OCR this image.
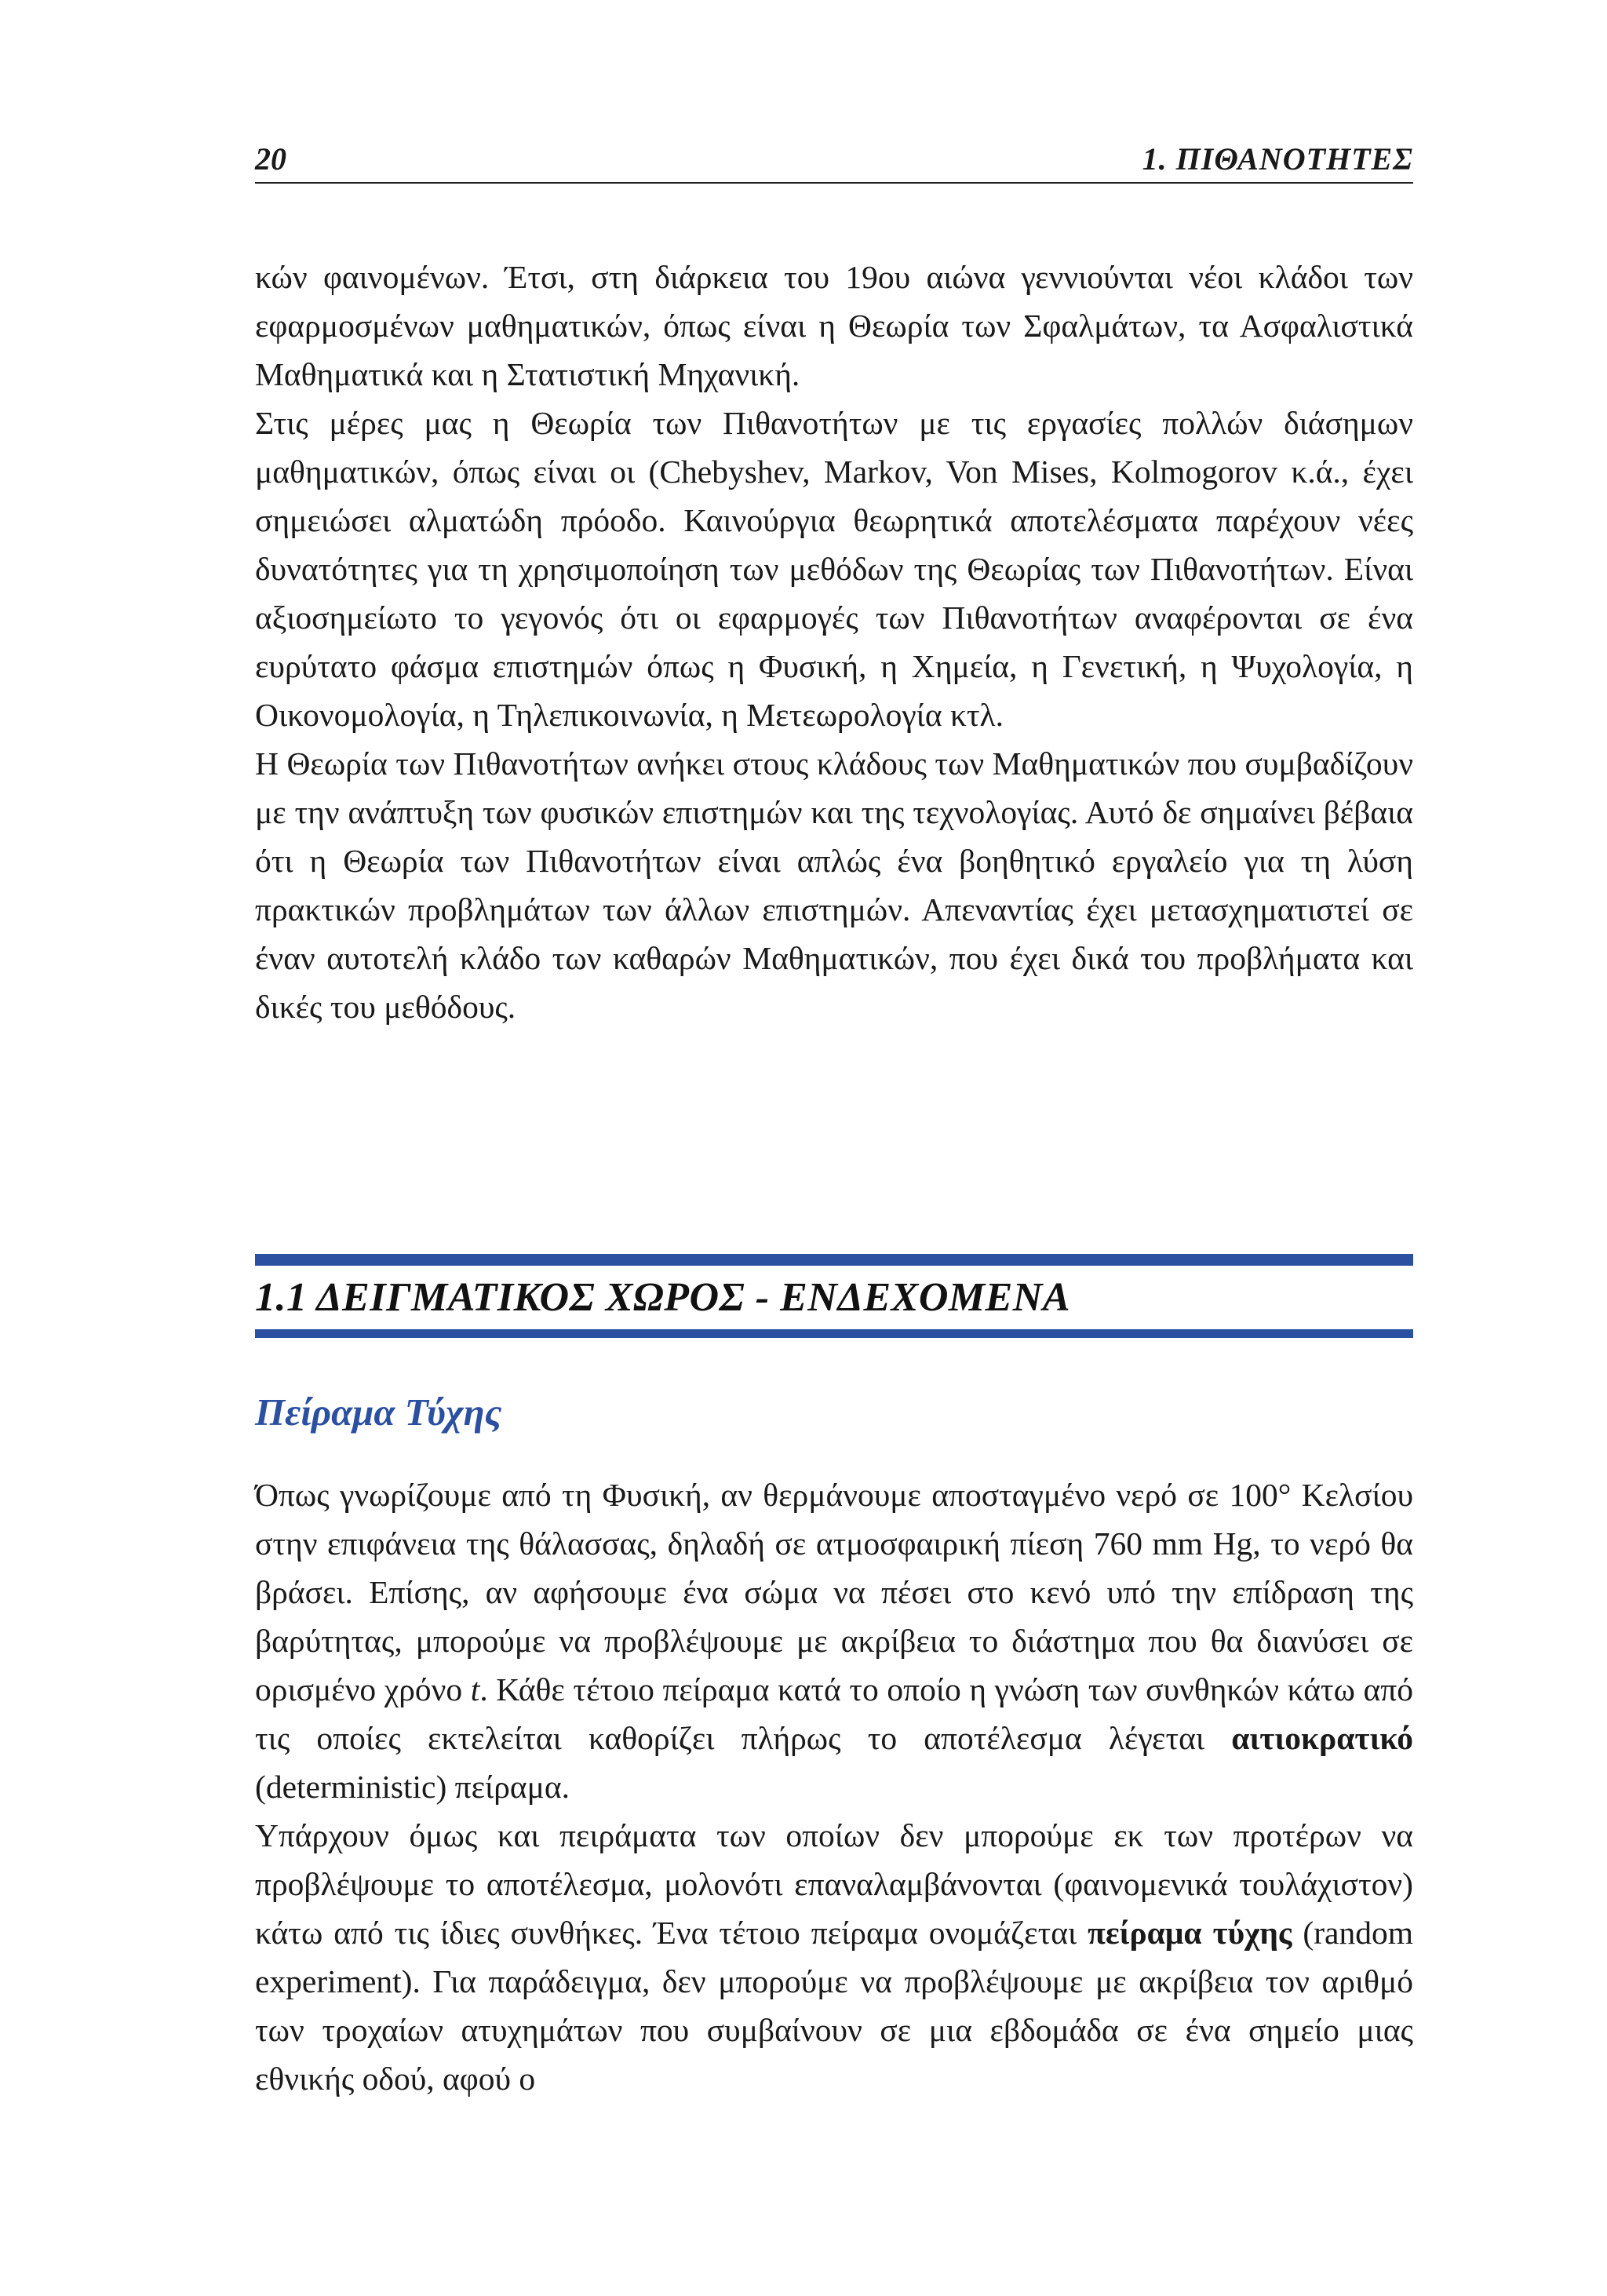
20	1. ΠΙΘΑΝΟΤΗΤΕΣ

κών φαινομένων. Έτσι, στη διάρκεια του 19ου αιώνα γεννιούνται νέοι κλάδοι των εφαρμοσμένων μαθηματικών, όπως είναι η Θεωρία των Σφαλμάτων, τα Ασφαλιστικά Μαθηματικά και η Στατιστική Μηχανική.

Στις μέρες μας η Θεωρία των Πιθανοτήτων με τις εργασίες πολλών διάσημων μαθηματικών, όπως είναι οι (Chebyshev, Markov, Von Mises, Kolmogorov κ.ά., έχει σημειώσει αλματώδη πρόοδο. Καινούργια θεωρητικά αποτελέσματα παρέχουν νέες δυνατότητες για τη χρησιμοποίηση των μεθόδων της Θεωρίας των Πιθανοτήτων. Είναι αξιοσημείωτο το γεγονός ότι οι εφαρμογές των Πιθανοτήτων αναφέρονται σε ένα ευρύτατο φάσμα επιστημών όπως η Φυσική, η Χημεία, η Γενετική, η Ψυχολογία, η Οικονομολογία, η Τηλεπικοινωνία, η Μετεωρολογία κτλ.

Η Θεωρία των Πιθανοτήτων ανήκει στους κλάδους των Μαθηματικών που συμβαδίζουν με την ανάπτυξη των φυσικών επιστημών και της τεχνολογίας. Αυτό δε σημαίνει βέβαια ότι η Θεωρία των Πιθανοτήτων είναι απλώς ένα βοηθητικό εργαλείο για τη λύση πρακτικών προβλημάτων των άλλων επιστημών. Απεναντίας έχει μετασχηματιστεί σε έναν αυτοτελή κλάδο των καθαρών Μαθηματικών, που έχει δικά του προβλήματα και δικές του μεθόδους.

1.1 ΔΕΙΓΜΑΤΙΚΟΣ ΧΩΡΟΣ - ΕΝΔΕΧΟΜΕΝΑ
Πείραμα Τύχης

Όπως γνωρίζουμε από τη Φυσική, αν θερμάνουμε αποσταγμένο νερό σε 100° Κελσίου στην επιφάνεια της θάλασσας, δηλαδή σε ατμοσφαιρική πίεση 760 mm Hg, το νερό θα βράσει. Επίσης, αν αφήσουμε ένα σώμα να πέσει στο κενό υπό την επίδραση της βαρύτητας, μπορούμε να προβλέψουμε με ακρίβεια το διάστημα που θα διανύσει σε ορισμένο χρόνο t. Κάθε τέτοιο πείραμα κατά το οποίο η γνώση των συνθηκών κάτω από τις οποίες εκτελείται καθορίζει πλήρως το αποτέλεσμα λέγεται αιτιοκρατικό (deterministic) πείραμα.

Υπάρχουν όμως και πειράματα των οποίων δεν μπορούμε εκ των προτέρων να προβλέψουμε το αποτέλεσμα, μολονότι επαναλαμβάνονται (φαινομενικά τουλάχιστον) κάτω από τις ίδιες συνθήκες. Ένα τέτοιο πείραμα ονομάζεται πείραμα τύχης (random experiment). Για παράδειγμα, δεν μπορούμε να προβλέψουμε με ακρίβεια τον αριθμό των τροχαίων ατυχημάτων που συμβαίνουν σε μια εβδομάδα σε ένα σημείο μιας εθνικής οδού, αφού ο
